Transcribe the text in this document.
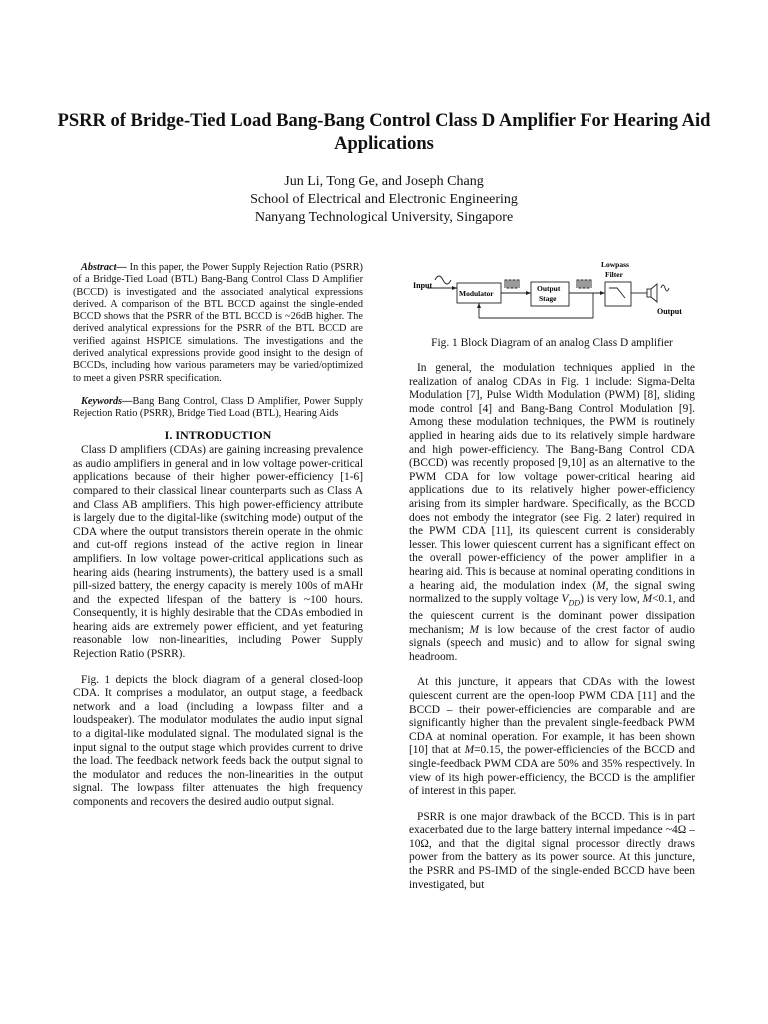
PSRR of Bridge-Tied Load Bang-Bang Control Class D Amplifier For Hearing Aid Applications
Jun Li, Tong Ge, and Joseph Chang
School of Electrical and Electronic Engineering
Nanyang Technological University, Singapore

Abstract— In this paper, the Power Supply Rejection Ratio (PSRR) of a Bridge-Tied Load (BTL) Bang-Bang Control Class D Amplifier (BCCD) is investigated and the associated analytical expressions derived. A comparison of the BTL BCCD against the single-ended BCCD shows that the PSRR of the BTL BCCD is ~26dB higher. The derived analytical expressions for the PSRR of the BTL BCCD are verified against HSPICE simulations. The investigations and the derived analytical expressions provide good insight to the design of BCCDs, including how various parameters may be varied/optimized to meet a given PSRR specification.

Keywords—Bang Bang Control, Class D Amplifier, Power Supply Rejection Ratio (PSRR), Bridge Tied Load (BTL), Hearing Aids

I. INTRODUCTION

Class D amplifiers (CDAs) are gaining increasing prevalence as audio amplifiers in general and in low voltage power-critical applications because of their higher power-efficiency [1-6] compared to their classical linear counterparts such as Class A and Class AB amplifiers. This high power-efficiency attribute is largely due to the digital-like (switching mode) output of the CDA where the output transistors therein operate in the ohmic and cut-off regions instead of the active region in linear amplifiers. In low voltage power-critical applications such as hearing aids (hearing instruments), the battery used is a small pill-sized battery, the energy capacity is merely 100s of mAHr and the expected lifespan of the battery is ~100 hours. Consequently, it is highly desirable that the CDAs embodied in hearing aids are extremely power efficient, and yet featuring reasonable low non-linearities, including Power Supply Rejection Ratio (PSRR).

Fig. 1 depicts the block diagram of a general closed-loop CDA. It comprises a modulator, an output stage, a feedback network and a load (including a lowpass filter and a loudspeaker). The modulator modulates the audio input signal to a digital-like modulated signal. The modulated signal is the input signal to the output stage which provides current to drive the load. The feedback network feeds back the output signal to the modulator and reduces the non-linearities in the output signal. The lowpass filter attenuates the high frequency components and recovers the desired audio output signal.

Input
Modulator
Output
Stage
Lowpass
Filter
Output
Fig. 1 Block Diagram of an analog Class D amplifier

In general, the modulation techniques applied in the realization of analog CDAs in Fig. 1 include: Sigma-Delta Modulation [7], Pulse Width Modulation (PWM) [8], sliding mode control [4] and Bang-Bang Control Modulation [9]. Among these modulation techniques, the PWM is routinely applied in hearing aids due to its relatively simple hardware and high power-efficiency. The Bang-Bang Control CDA (BCCD) was recently proposed [9,10] as an alternative to the PWM CDA for low voltage power-critical hearing aid applications due to its relatively higher power-efficiency arising from its simpler hardware. Specifically, as the BCCD does not embody the integrator (see Fig. 2 later) required in the PWM CDA [11], its quiescent current is considerably lesser. This lower quiescent current has a significant effect on the overall power-efficiency of the power amplifier in a hearing aid. This is because at nominal operating conditions in a hearing aid, the modulation index (M, the signal swing normalized to the supply voltage $V_{DD}$) is very low, M<0.1, and the quiescent current is the dominant power dissipation mechanism; M is low because of the crest factor of audio signals (speech and music) and to allow for signal swing headroom.

At this juncture, it appears that CDAs with the lowest quiescent current are the open-loop PWM CDA [11] and the BCCD – their power-efficiencies are comparable and are significantly higher than the prevalent single-feedback PWM CDA at nominal operation. For example, it has been shown [10] that at M=0.15, the power-efficiencies of the BCCD and single-feedback PWM CDA are 50% and 35% respectively. In view of its high power-efficiency, the BCCD is the amplifier of interest in this paper.

PSRR is one major drawback of the BCCD. This is in part exacerbated due to the large battery internal impedance ~4Ω – 10Ω, and that the digital signal processor directly draws power from the battery as its power source. At this juncture, the PSRR and PS-IMD of the single-ended BCCD have been investigated, but
